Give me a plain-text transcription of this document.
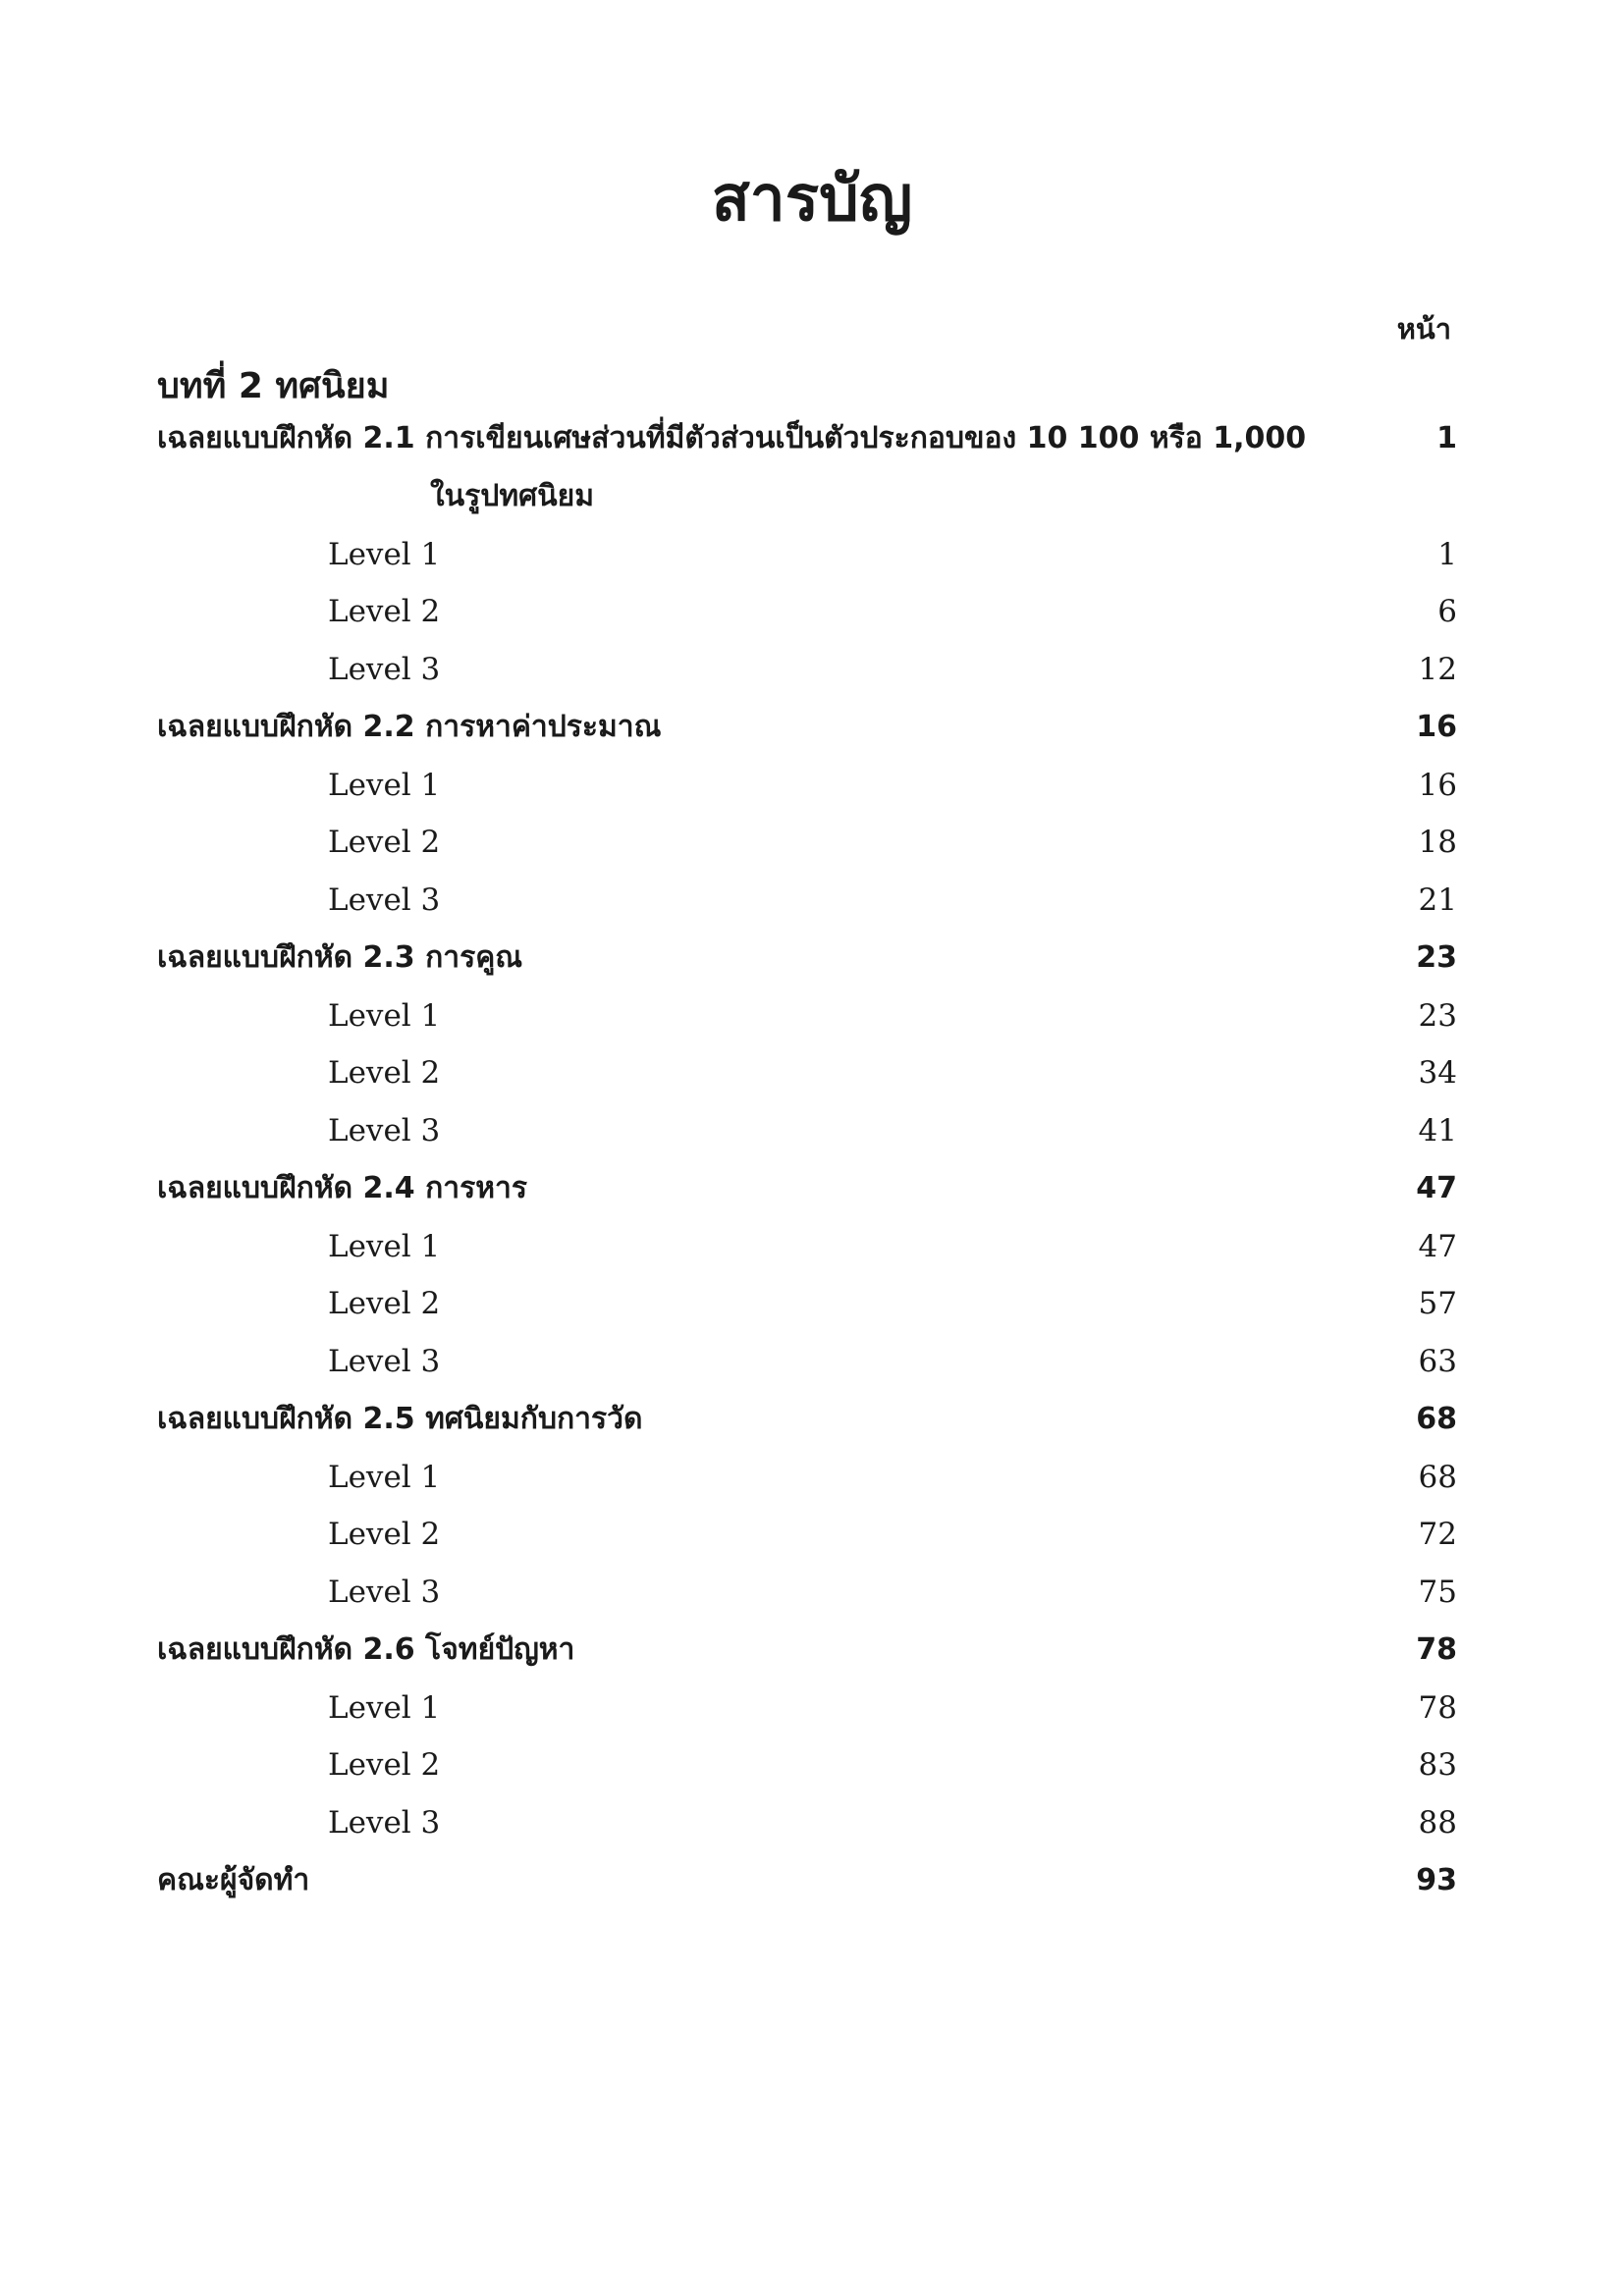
สารบัญ
หน้า
บทที่ 2 ทศนิยม
เฉลยแบบฝึกหัด 2.1 การเขียนเศษส่วนที่มีตัวส่วนเป็นตัวประกอบของ 10 100 หรือ 1,000	1
ในรูปทศนิยม
Level 1	1
Level 2	6
Level 3	12
เฉลยแบบฝึกหัด 2.2 การหาค่าประมาณ	16
Level 1	16
Level 2	18
Level 3	21
เฉลยแบบฝึกหัด 2.3 การคูณ	23
Level 1	23
Level 2	34
Level 3	41
เฉลยแบบฝึกหัด 2.4 การหาร	47
Level 1	47
Level 2	57
Level 3	63
เฉลยแบบฝึกหัด 2.5 ทศนิยมกับการวัด	68
Level 1	68
Level 2	72
Level 3	75
เฉลยแบบฝึกหัด 2.6 โจทย์ปัญหา	78
Level 1	78
Level 2	83
Level 3	88
คณะผู้จัดทำ	93
